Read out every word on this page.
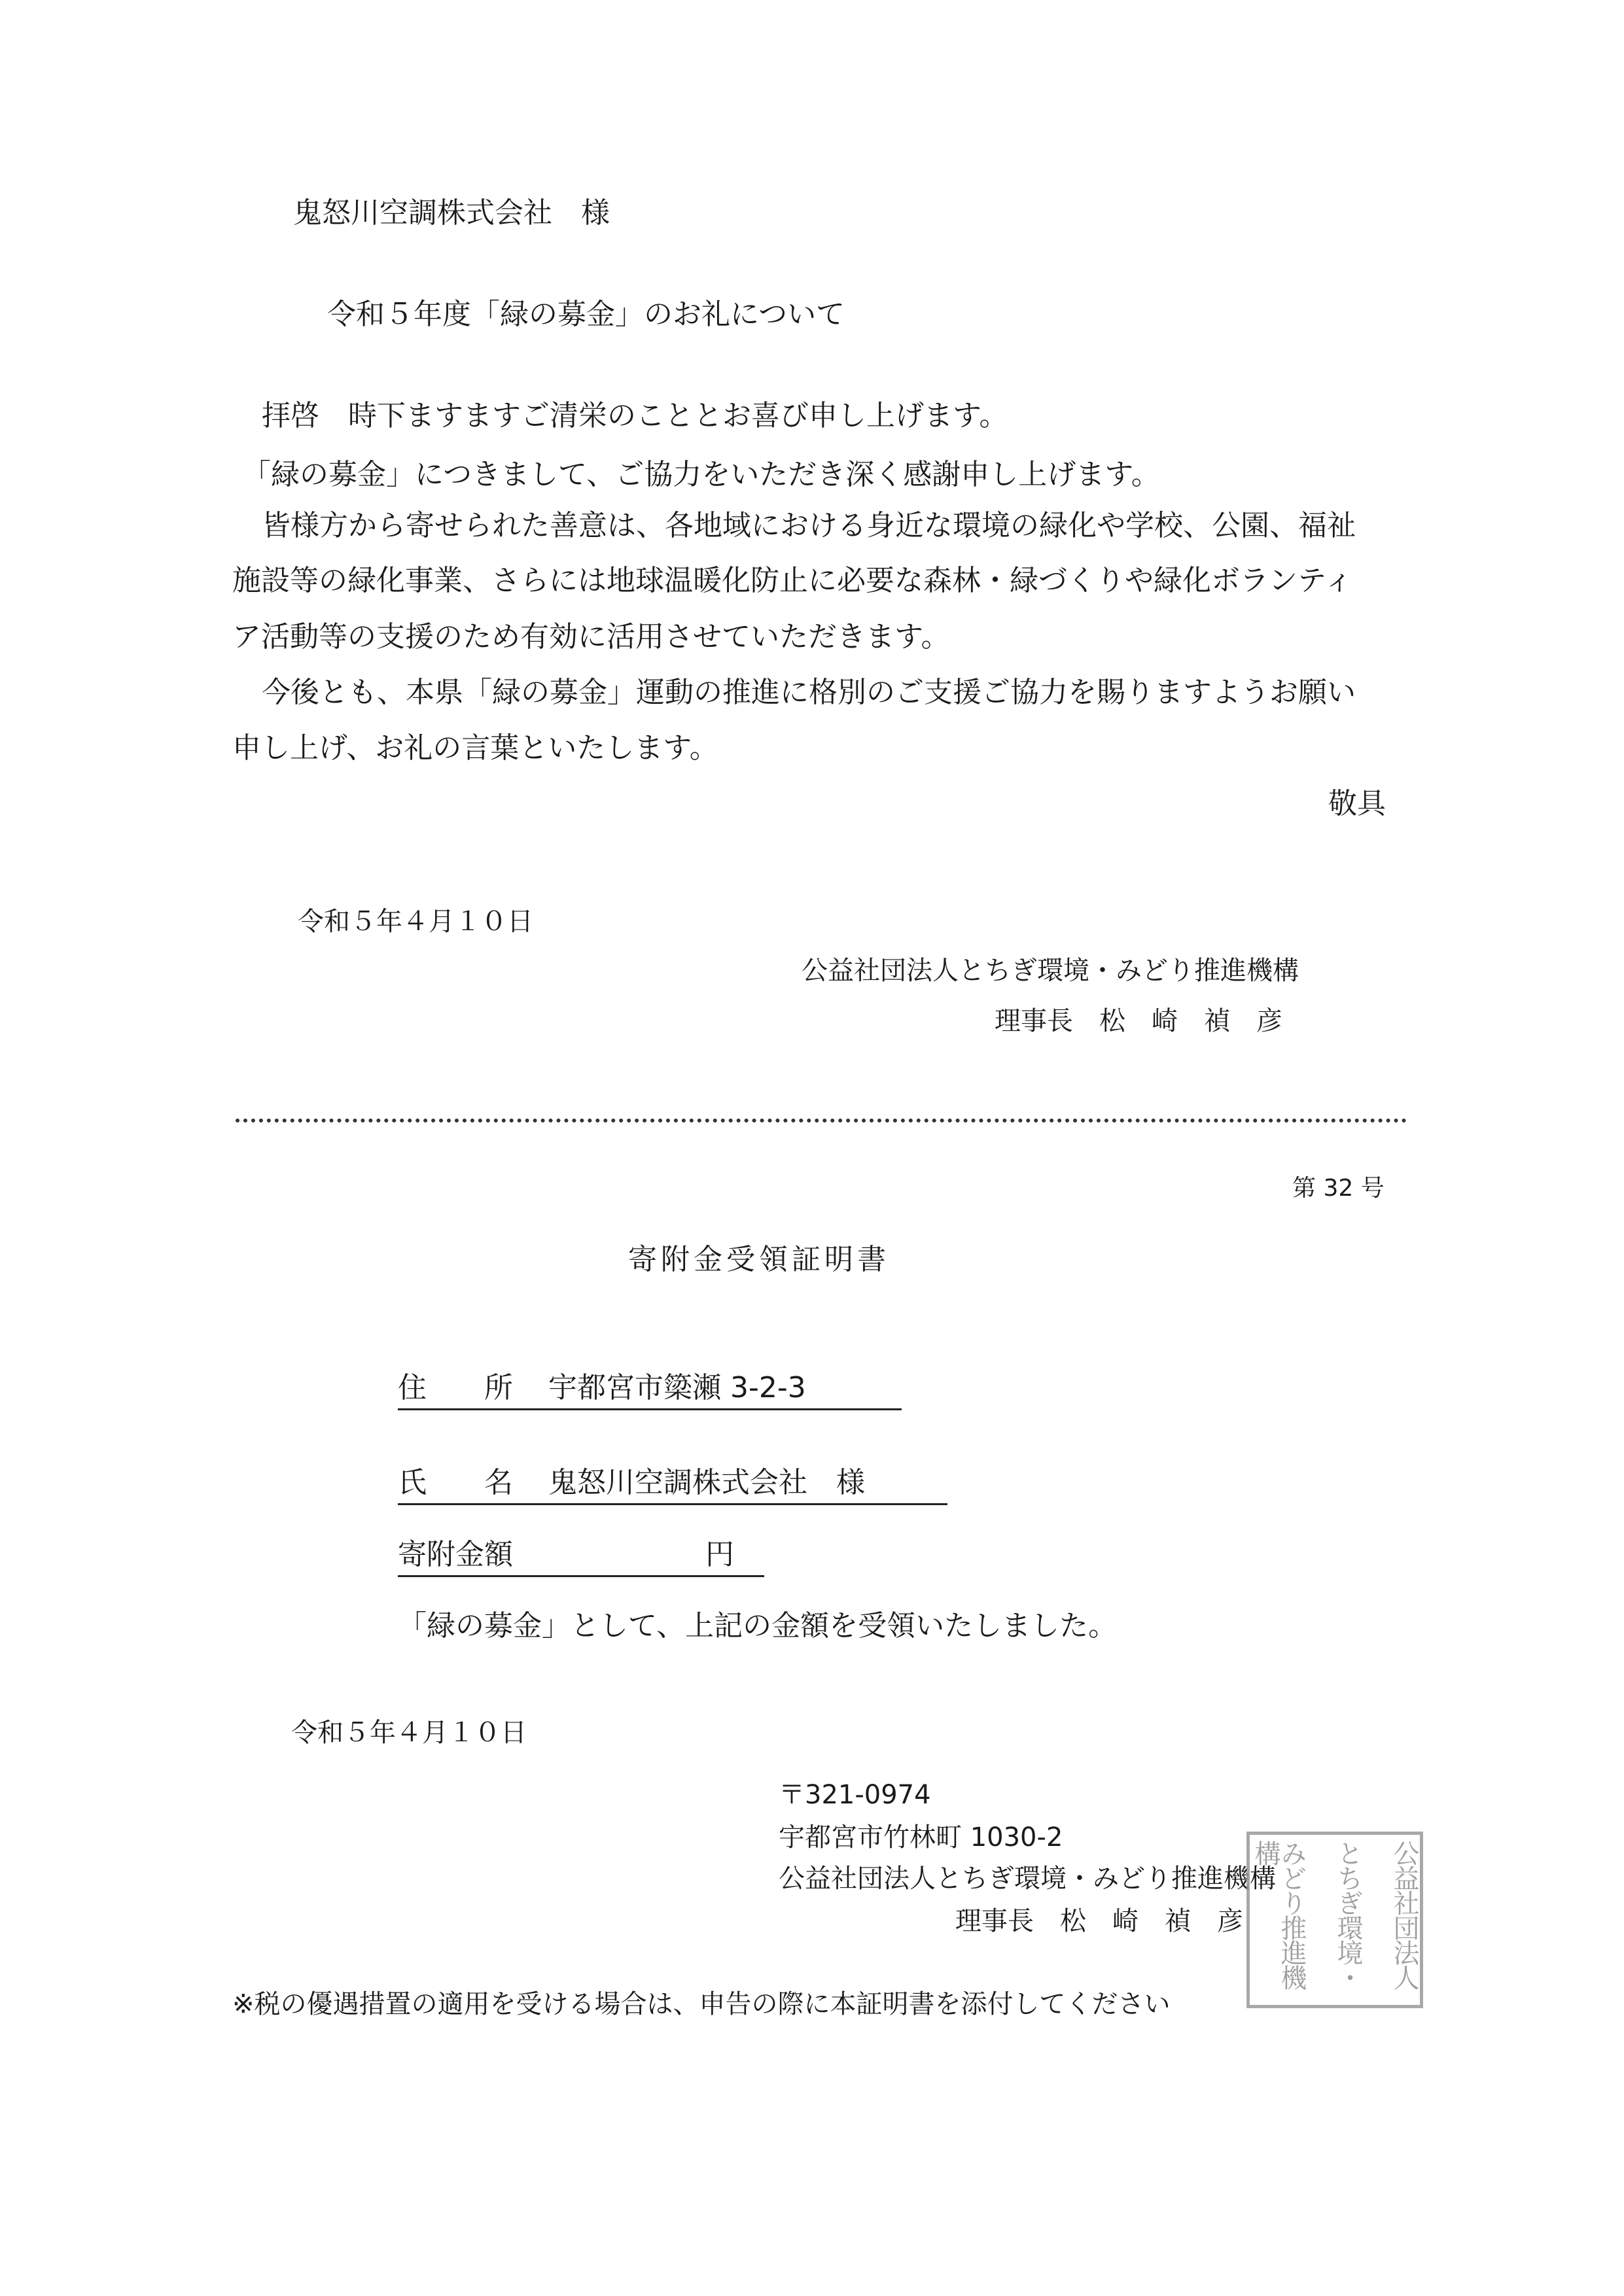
鬼怒川空調株式会社　様
令和５年度「緑の募金」のお礼について
拝啓　時下ますますご清栄のこととお喜び申し上げます。
「緑の募金」につきまして、ご協力をいただき深く感謝申し上げます。
皆様方から寄せられた善意は、各地域における身近な環境の緑化や学校、公園、福祉
施設等の緑化事業、さらには地球温暖化防止に必要な森林・緑づくりや緑化ボランティ
ア活動等の支援のため有効に活用させていただきます。
今後とも、本県「緑の募金」運動の推進に格別のご支援ご協力を賜りますようお願い
申し上げ、お礼の言葉といたします。
敬具
令和５年４月１０日
公益社団法人とちぎ環境・みどり推進機構
理事長　松　崎　禎　彦
第 32 号
寄附金受領証明書
住　　所 宇都宮市簗瀬 3-2-3
氏　　名 鬼怒川空調株式会社　様
寄附金額	円
「緑の募金」として、上記の金額を受領いたしました。
令和５年４月１０日
〒321-0974
宇都宮市竹林町 1030-2
公益社団法人とちぎ環境・みどり推進機構
理事長　松　崎　禎　彦	みどり推進機構	とちぎ環境・	公益社団法人
※税の優遇措置の適用を受ける場合は、申告の際に本証明書を添付してください
